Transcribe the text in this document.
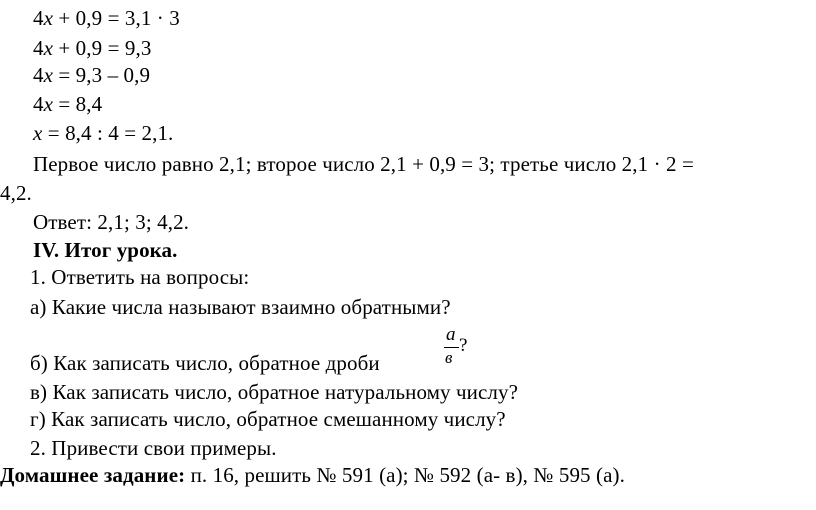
4x + 0,9 = 3,1 · 3
4x + 0,9 = 9,3
4x = 9,3 – 0,9
4x = 8,4
x = 8,4 : 4 = 2,1.
Первое число равно 2,1; второе число 2,1 + 0,9 = 3; третье число 2,1 · 2 =
4,2.
Ответ: 2,1; 3; 4,2.
IV. Итог урока.
1. Ответить на вопросы:
а) Какие числа называют взаимно обратными?
б) Как записать число, обратное дроби
a
в
?
в) Как записать число, обратное натуральному числу?
г) Как записать число, обратное смешанному числу?
2. Привести свои примеры.
Домашнее задание: п. 16, решить № 591 (а); № 592 (а- в), № 595 (а).
